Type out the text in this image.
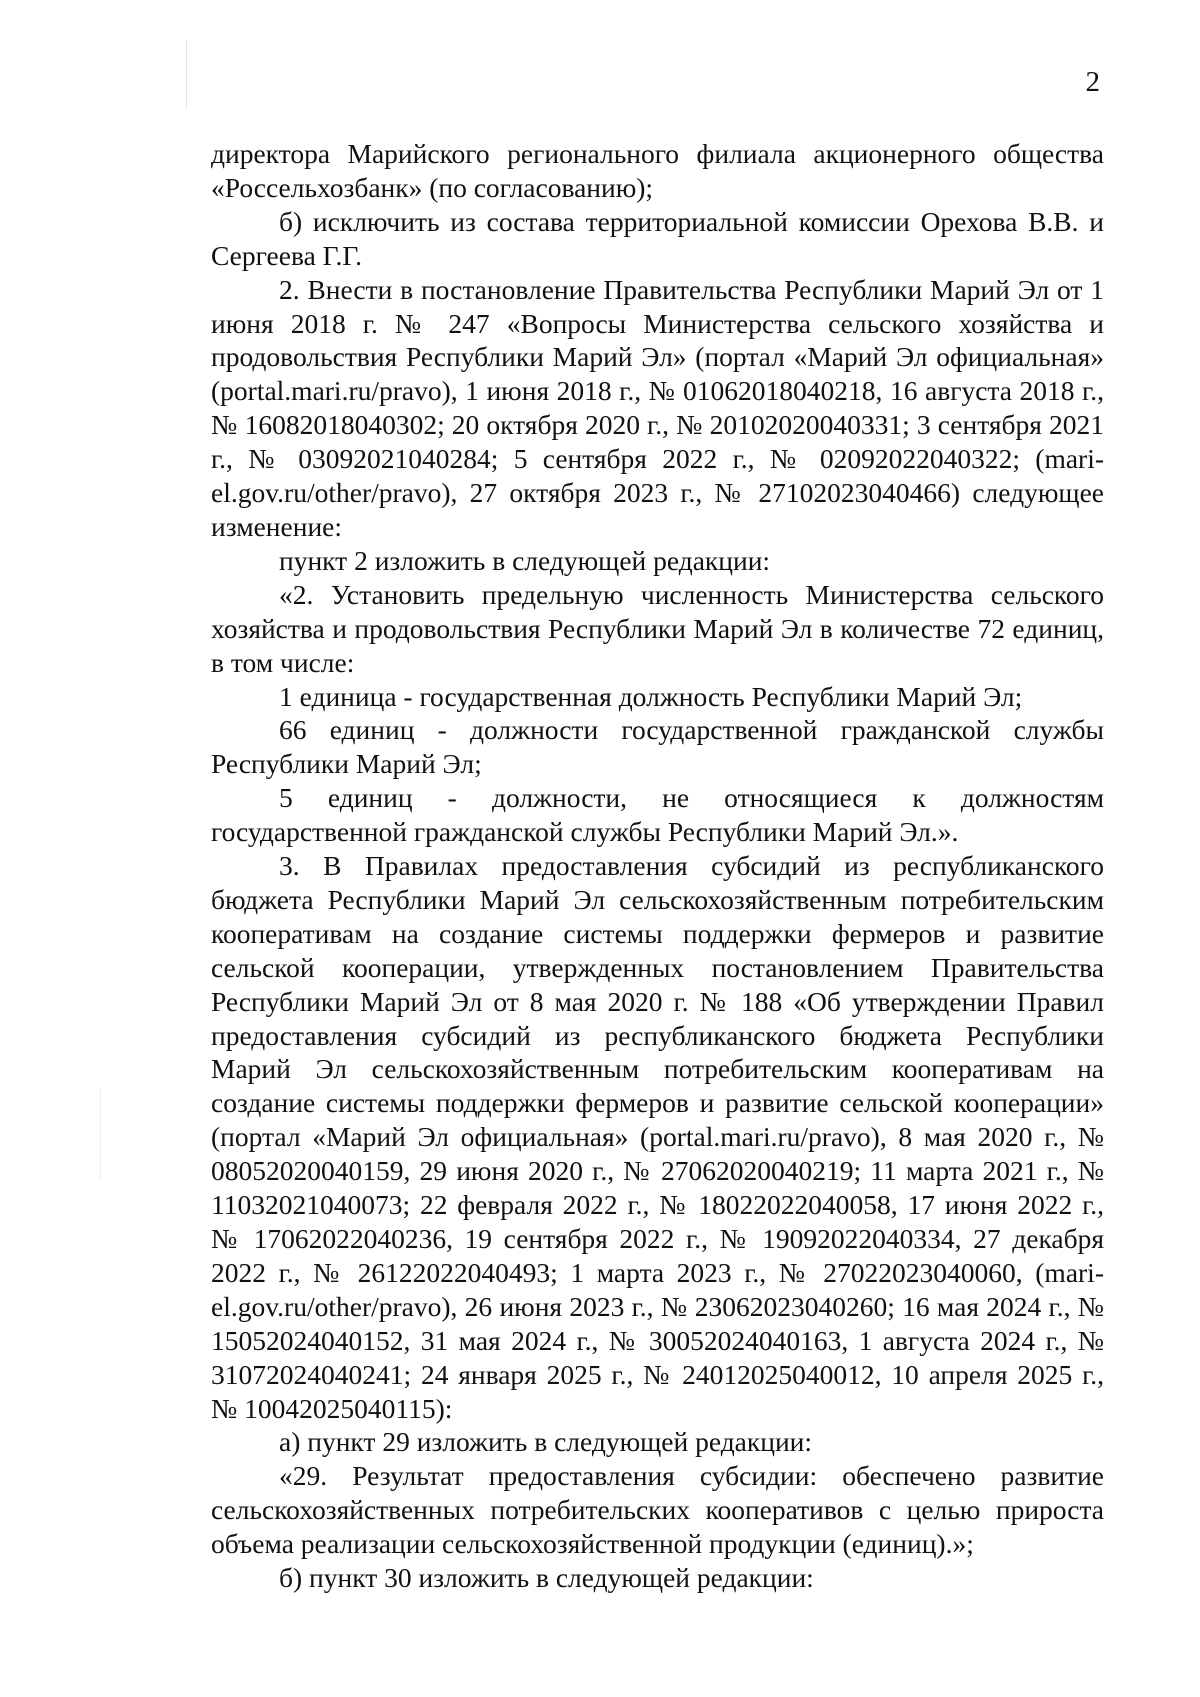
2

директора Марийского регионального филиала акционерного общества «Россельхозбанк» (по согласованию);

б) исключить из состава территориальной комиссии Орехова В.В. и Сергеева Г.Г.

2. Внести в постановление Правительства Республики Марий Эл от 1 июня 2018 г. № 247 «Вопросы Министерства сельского хозяйства и продовольствия Республики Марий Эл» (портал «Марий Эл официальная» (portal.mari.ru/pravo), 1 июня 2018 г., № 01062018040218, 16 августа 2018 г., № 16082018040302; 20 октября 2020 г., № 20102020040331; 3 сентября 2021 г., № 03092021040284; 5 сентября 2022 г., № 02092022040322; (mari-el.gov.ru/other/pravo), 27 октября 2023 г., № 27102023040466) следующее изменение:

пункт 2 изложить в следующей редакции:

«2. Установить предельную численность Министерства сельского хозяйства и продовольствия Республики Марий Эл в количестве 72 единиц, в том числе:

1 единица - государственная должность Республики Марий Эл;

66 единиц - должности государственной гражданской службы Республики Марий Эл;

5 единиц - должности, не относящиеся к должностям государственной гражданской службы Республики Марий Эл.».

3. В Правилах предоставления субсидий из республиканского бюджета Республики Марий Эл сельскохозяйственным потребительским кооперативам на создание системы поддержки фермеров и развитие сельской кооперации, утвержденных постановлением Правительства Республики Марий Эл от 8 мая 2020 г. № 188 «Об утверждении Правил предоставления субсидий из республиканского бюджета Республики Марий Эл сельскохозяйственным потребительским кооперативам на создание системы поддержки фермеров и развитие сельской кооперации» (портал «Марий Эл официальная» (portal.mari.ru/pravo), 8 мая 2020 г., № 08052020040159, 29 июня 2020 г., № 27062020040219; 11 марта 2021 г., № 11032021040073; 22 февраля 2022 г., № 18022022040058, 17 июня 2022 г., № 17062022040236, 19 сентября 2022 г., № 19092022040334, 27 декабря 2022 г., № 26122022040493; 1 марта 2023 г., № 27022023040060, (mari-el.gov.ru/other/pravo), 26 июня 2023 г., № 23062023040260; 16 мая 2024 г., № 15052024040152, 31 мая 2024 г., № 30052024040163, 1 августа 2024 г., № 31072024040241; 24 января 2025 г., № 24012025040012, 10 апреля 2025 г., № 10042025040115):

а) пункт 29 изложить в следующей редакции:

«29. Результат предоставления субсидии: обеспечено развитие сельскохозяйственных потребительских кооперативов с целью прироста объема реализации сельскохозяйственной продукции (единиц).»;

б) пункт 30 изложить в следующей редакции:
